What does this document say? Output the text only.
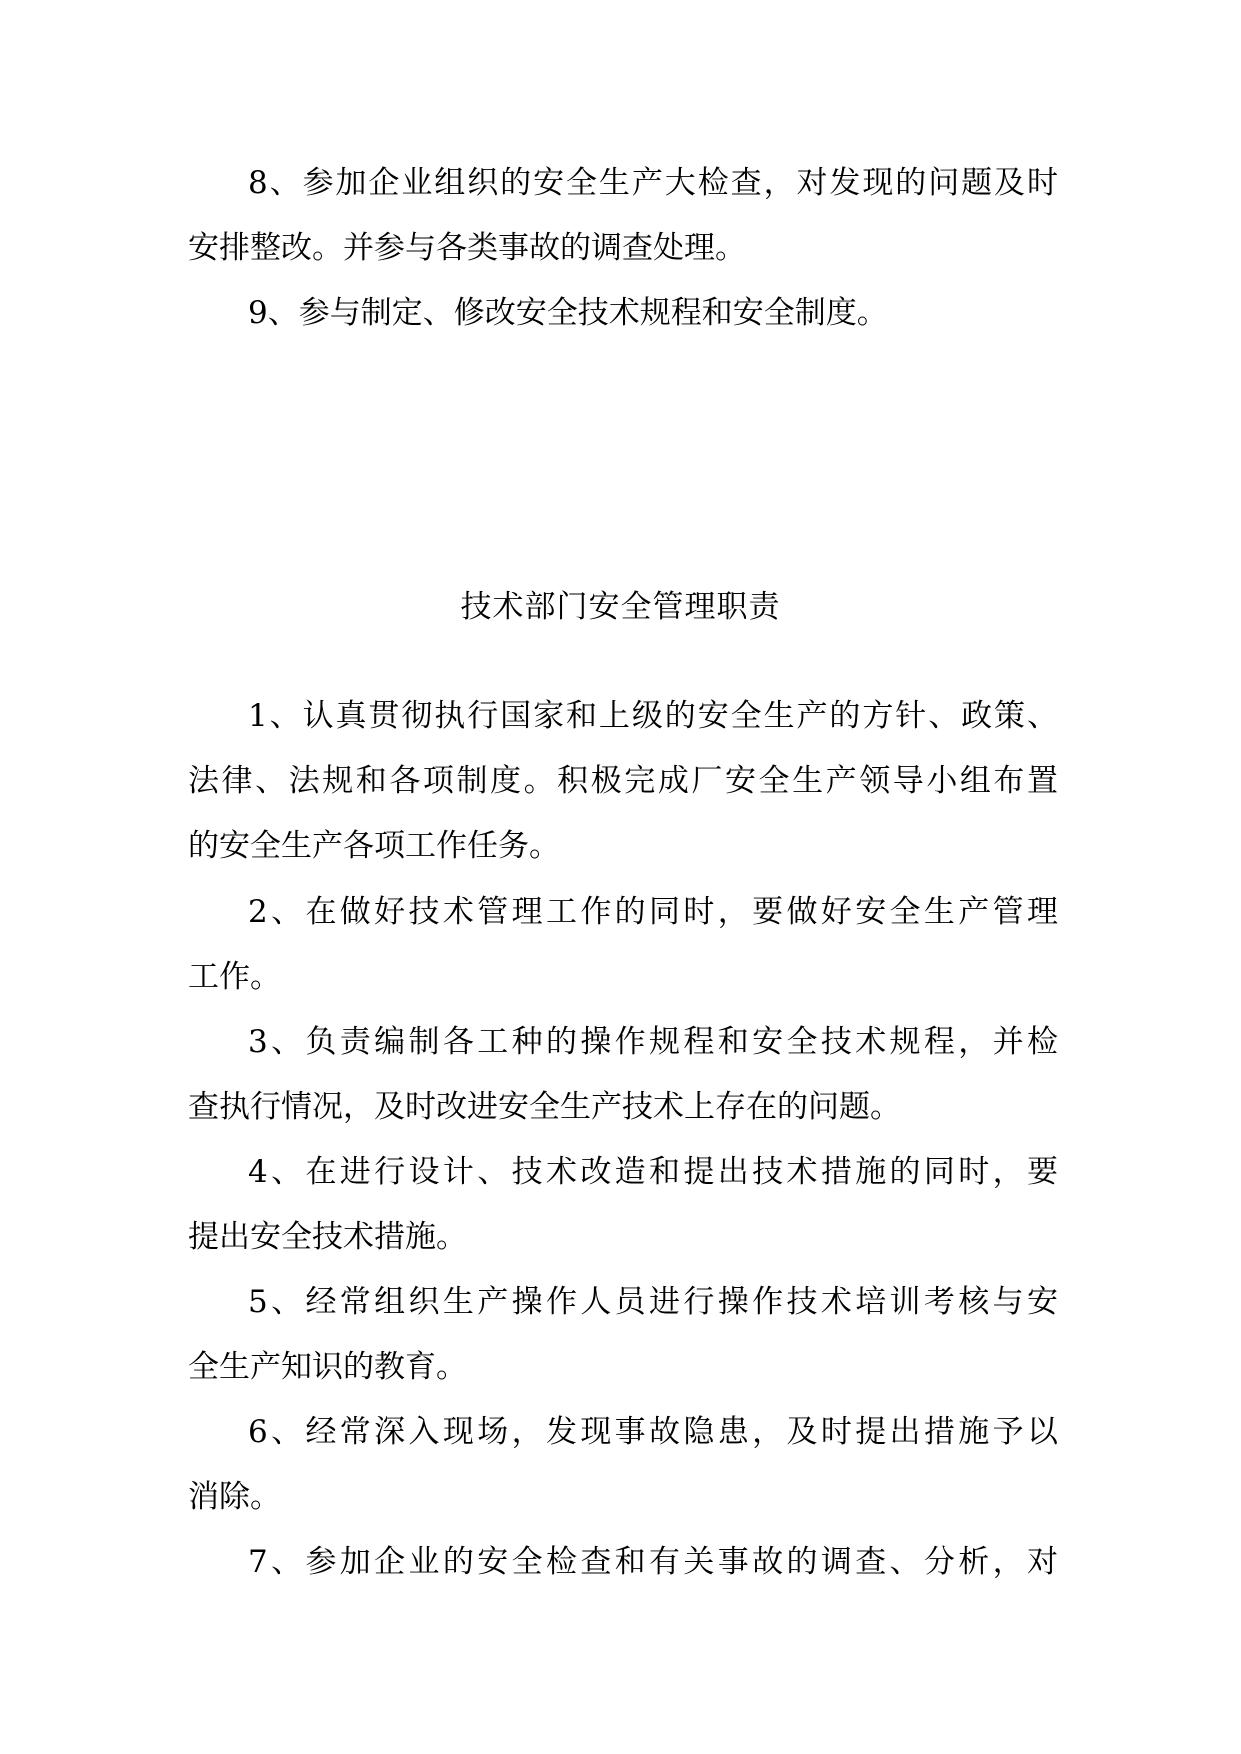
8、参加企业组织的安全生产大检查，对发现的问题及时
安排整改。并参与各类事故的调查处理。
9、参与制定、修改安全技术规程和安全制度。
技术部门安全管理职责
1、认真贯彻执行国家和上级的安全生产的方针、政策、
法律、法规和各项制度。积极完成厂安全生产领导小组布置
的安全生产各项工作任务。
2、在做好技术管理工作的同时，要做好安全生产管理
工作。
3、负责编制各工种的操作规程和安全技术规程，并检
查执行情况，及时改进安全生产技术上存在的问题。
4、在进行设计、技术改造和提出技术措施的同时，要
提出安全技术措施。
5、经常组织生产操作人员进行操作技术培训考核与安
全生产知识的教育。
6、经常深入现场，发现事故隐患，及时提出措施予以
消除。
7、参加企业的安全检查和有关事故的调查、分析，对
